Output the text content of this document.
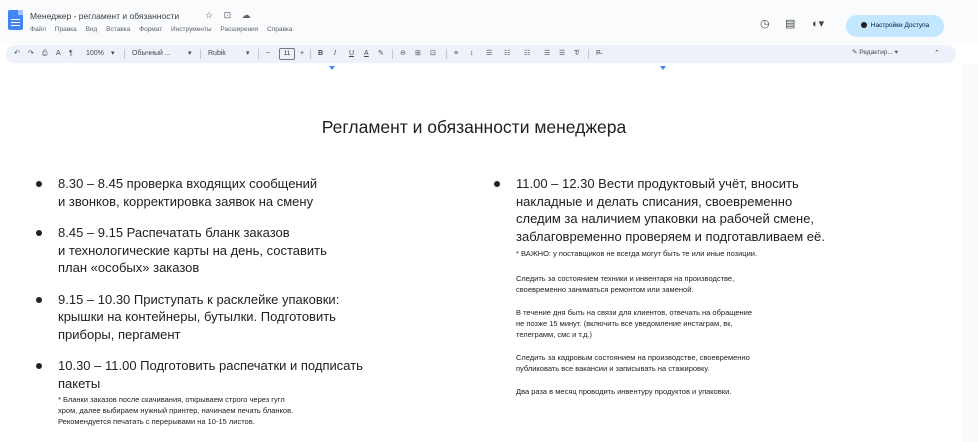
Менеджер - регламент и обязанности	☆ ⊡ ☁
Файл Правка Вид Вставка Формат Инструменты Расширения Справка	◷ ▤ ◐▾	Настройки Доступа
↶ ↷ ⎙ A ¶ 100% ▾ Обычный ... ▾ Rubik	▾ −	11	+ B I U A ✎ ⊖ ⊞ ⊡	≡ ↕ ☰ ☷ ☷ ☰ ☰ T̸	P̶	✎ Редактир... ▾	⌃
Регламент и обязанности менеджера
8.30 – 8.45 проверка входящих сообщений
и звонков, корректировка заявок на смену
8.45 – 9.15 Распечатать бланк заказов
и технологические карты на день, составить
план «особых» заказов
9.15 – 10.30 Приступать к расклейке упаковки:
крышки на контейнеры, бутылки. Подготовить
приборы, пергамент
10.30 – 11.00 Подготовить распечатки и подписать
пакеты
* Бланки заказов после скачивания, открываем строго через гугл
хром, далее выбираем нужный принтер, начинаем печать бланков.
Рекомендуется печатать с перерывами на 10-15 листов.
11.00 – 12.30 Вести продуктовый учёт, вносить
накладные и делать списания, своевременно
следим за наличием упаковки на рабочей смене,
заблаговременно проверяем и подготавливаем её.
* ВАЖНО: у поставщиков не всегда могут быть те или иные позиции.
Следить за состоянием техники и инвентаря на производстве,
своевременно заниматься ремонтом или заменой.
В течение дня быть на связи для клиентов, отвечать на обращение
не позже 15 минут. (включить все уведомление инстаграм, вк,
телеграмм, смс и т.д.)
Следить за кадровым состоянием на производстве, своевременно
публиковать все вакансии и записывать на стажировку.
Два раза в месяц проводить инвентуру продуктов и упаковки.
